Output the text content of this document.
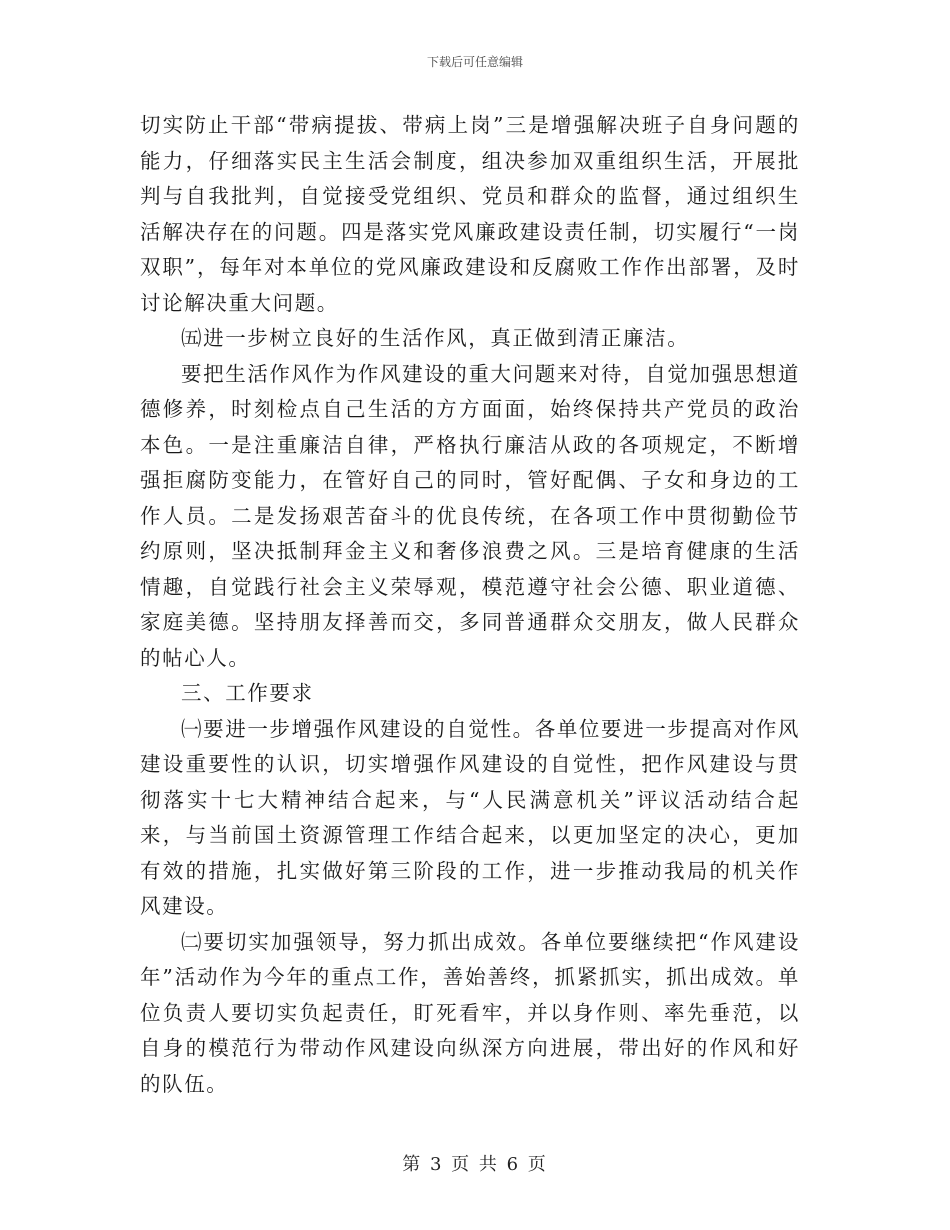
下载后可任意编辑

切实防止干部“带病提拔、带病上岗”三是增强解决班子自身问题的能力，仔细落实民主生活会制度，组决参加双重组织生活，开展批判与自我批判，自觉接受党组织、党员和群众的监督，通过组织生活解决存在的问题。四是落实党风廉政建设责任制，切实履行“一岗双职”，每年对本单位的党风廉政建设和反腐败工作作出部署，及时讨论解决重大问题。

㈤进一步树立良好的生活作风，真正做到清正廉洁。

要把生活作风作为作风建设的重大问题来对待，自觉加强思想道德修养，时刻检点自己生活的方方面面，始终保持共产党员的政治本色。一是注重廉洁自律，严格执行廉洁从政的各项规定，不断增强拒腐防变能力，在管好自己的同时，管好配偶、子女和身边的工作人员。二是发扬艰苦奋斗的优良传统，在各项工作中贯彻勤俭节约原则，坚决抵制拜金主义和奢侈浪费之风。三是培育健康的生活情趣，自觉践行社会主义荣辱观，模范遵守社会公德、职业道德、家庭美德。坚持朋友择善而交，多同普通群众交朋友，做人民群众的帖心人。

三、工作要求

㈠要进一步增强作风建设的自觉性。各单位要进一步提高对作风建设重要性的认识，切实增强作风建设的自觉性，把作风建设与贯彻落实十七大精神结合起来，与“人民满意机关”评议活动结合起来，与当前国土资源管理工作结合起来，以更加坚定的决心，更加有效的措施，扎实做好第三阶段的工作，进一步推动我局的机关作风建设。

㈡要切实加强领导，努力抓出成效。各单位要继续把“作风建设年”活动作为今年的重点工作，善始善终，抓紧抓实，抓出成效。单位负责人要切实负起责任，盯死看牢，并以身作则、率先垂范，以自身的模范行为带动作风建设向纵深方向进展，带出好的作风和好的队伍。

第 3 页 共 6 页
